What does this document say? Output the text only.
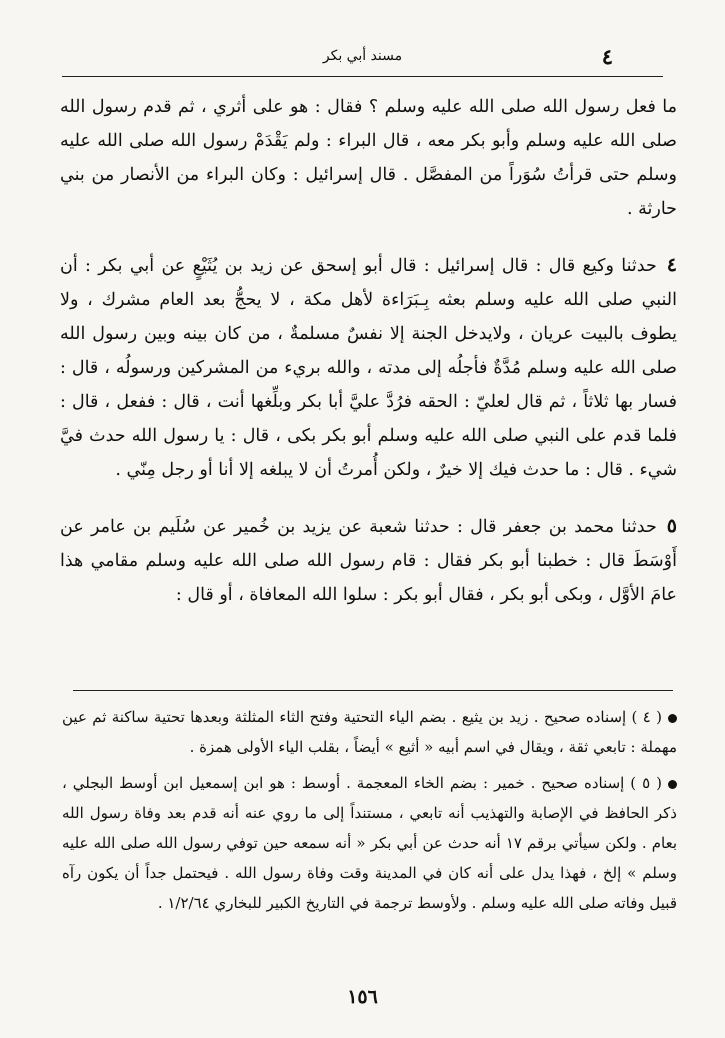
٤
مسند أبي بكر

ما فعل رسول الله صلى الله عليه وسلم ؟ فقال : هو على أثري ، ثم قدم رسول الله صلى الله عليه وسلم وأبو بكر معه ، قال البراء : ولم يَقْدَمْ رسول الله صلى الله عليه وسلم حتى قرأتُ سُوَراً من المفصَّل . قال إسرائيل : وكان البراء من الأنصار من بني حارثة .

٤حدثنا وكيع قال : قال إسرائيل : قال أبو إسحق عن زيد بن يُثَيْعٍ عن أبي بكر : أن النبي صلى الله عليه وسلم بعثه بِـبَرَاءة لأهل مكة ، لا يحجُّ بعد العام مشرك ، ولا يطوف بالبيت عريان ، ولايدخل الجنة إلا نفسٌ مسلمةٌ ، من كان بينه وبين رسول الله صلى الله عليه وسلم مُدَّةٌ فأجلُه إلى مدته ، والله بريء من المشركين ورسولُه ، قال : فسار بها ثلاثاً ، ثم قال لعليّ : الحقه فرُدَّ عليَّ أبا بكر وبلِّغها أنت ، قال : ففعل ، قال : فلما قدم على النبي صلى الله عليه وسلم أبو بكر بكى ، قال : يا رسول الله حدث فيَّ شيء . قال : ما حدث فيك إلا خيرٌ ، ولكن أُمرتُ أن لا يبلغه إلا أنا أو رجل مِنّي .

٥حدثنا محمد بن جعفر قال : حدثنا شعبة عن يزيد بن خُمير عن سُلَيم بن عامر عن أَوْسَطَ قال : خطبنا أبو بكر فقال : قام رسول الله صلى الله عليه وسلم مقامي هذا عامَ الأوَّل ، وبكى أبو بكر ، فقال أبو بكر : سلوا الله المعافاة ، أو قال :

( ٤ ) إسناده صحيح . زيد بن يثيع . بضم الياء التحتية وفتح الثاء المثلثة وبعدها تحتية ساكنة ثم عين مهملة : تابعي ثقة ، ويقال في اسم أبيه « أثيع » أيضاً ، بقلب الياء الأولى همزة .

( ٥ ) إسناده صحيح . خمير : بضم الخاء المعجمة . أوسط : هو ابن إسمعيل ابن أوسط البجلي ، ذكر الحافظ في الإصابة والتهذيب أنه تابعي ، مستنداً إلى ما روي عنه أنه قدم بعد وفاة رسول الله بعام . ولكن سيأتي برقم ١٧ أنه حدث عن أبي بكر « أنه سمعه حين توفي رسول الله صلى الله عليه وسلم » إلخ ، فهذا يدل على أنه كان في المدينة وقت وفاة رسول الله . فيحتمل جداً أن يكون رآه قبيل وفاته صلى الله عليه وسلم . ولأوسط ترجمة في التاريخ الكبير للبخاري ١/٢/٦٤ .

١٥٦
